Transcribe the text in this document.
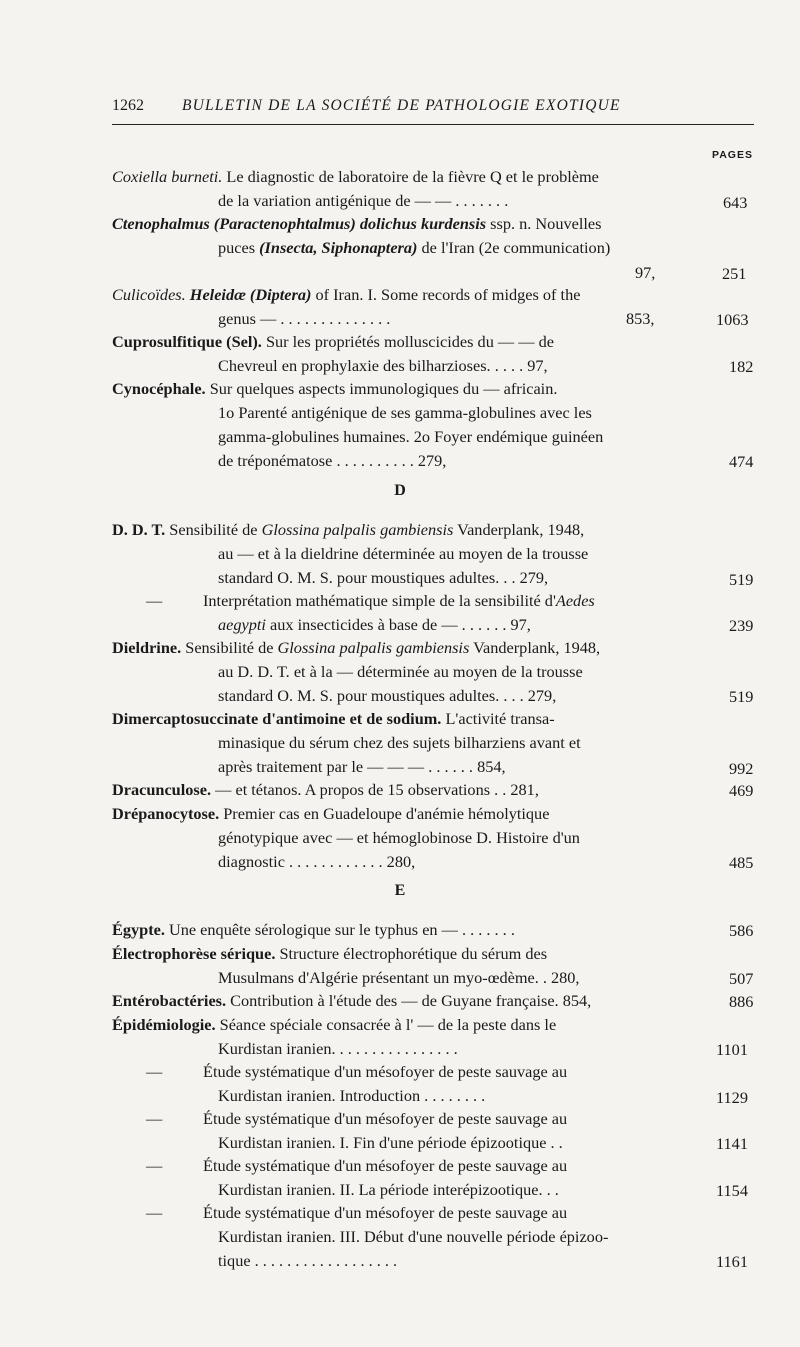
1262 BULLETIN DE LA SOCIÉTÉ DE PATHOLOGIE EXOTIQUE
PAGES
Coxiella burneti. Le diagnostic de laboratoire de la fièvre Q et le problème
de la variation antigénique de — — . . . . . . .	643
Ctenophalmus (Paractenophtalmus) dolichus kurdensis ssp. n. Nouvelles
puces (Insecta, Siphonaptera) de l'Iran (2e communication)
97,	251
Culicoïdes. Heleidæ (Diptera) of Iran. I. Some records of midges of the
genus — . . . . . . . . . . . . . .	853,	1063
Cuprosulfitique (Sel). Sur les propriétés molluscicides du — — de
Chevreul en prophylaxie des bilharzioses. . . . . 97,	182
Cynocéphale. Sur quelques aspects immunologiques du — africain.
1o Parenté antigénique de ses gamma-globulines avec les
gamma-globulines humaines. 2o Foyer endémique guinéen
de tréponématose . . . . . . . . . . 279,	474
D
D. D. T. Sensibilité de Glossina palpalis gambiensis Vanderplank, 1948,
au — et à la dieldrine déterminée au moyen de la trousse
standard O. M. S. pour moustiques adultes. . . 279,	519
— Interprétation mathématique simple de la sensibilité d'Aedes
aegypti aux insecticides à base de — . . . . . . 97,	239
Dieldrine. Sensibilité de Glossina palpalis gambiensis Vanderplank, 1948,
au D. D. T. et à la — déterminée au moyen de la trousse
standard O. M. S. pour moustiques adultes. . . . 279,	519
Dimercaptosuccinate d'antimoine et de sodium. L'activité transa-
minasique du sérum chez des sujets bilharziens avant et
après traitement par le — — — . . . . . . 854,	992
Dracunculose. — et tétanos. A propos de 15 observations . . 281,	469
Drépanocytose. Premier cas en Guadeloupe d'anémie hémolytique
génotypique avec — et hémoglobinose D. Histoire d'un
diagnostic . . . . . . . . . . . . 280,	485
E
Égypte. Une enquête sérologique sur le typhus en — . . . . . . .	586
Électrophorèse sérique. Structure électrophorétique du sérum des
Musulmans d'Algérie présentant un myo-œdème. . 280,	507
Entérobactéries. Contribution à l'étude des — de Guyane française. 854,	886
Épidémiologie. Séance spéciale consacrée à l' — de la peste dans le
Kurdistan iranien. . . . . . . . . . . . . . . .	1101
— Étude systématique d'un mésofoyer de peste sauvage au
Kurdistan iranien. Introduction . . . . . . . .	1129
— Étude systématique d'un mésofoyer de peste sauvage au
Kurdistan iranien. I. Fin d'une période épizootique . .	1141
— Étude systématique d'un mésofoyer de peste sauvage au
Kurdistan iranien. II. La période interépizootique. . .	1154
— Étude systématique d'un mésofoyer de peste sauvage au
Kurdistan iranien. III. Début d'une nouvelle période épizoo-
tique . . . . . . . . . . . . . . . . . .	1161
